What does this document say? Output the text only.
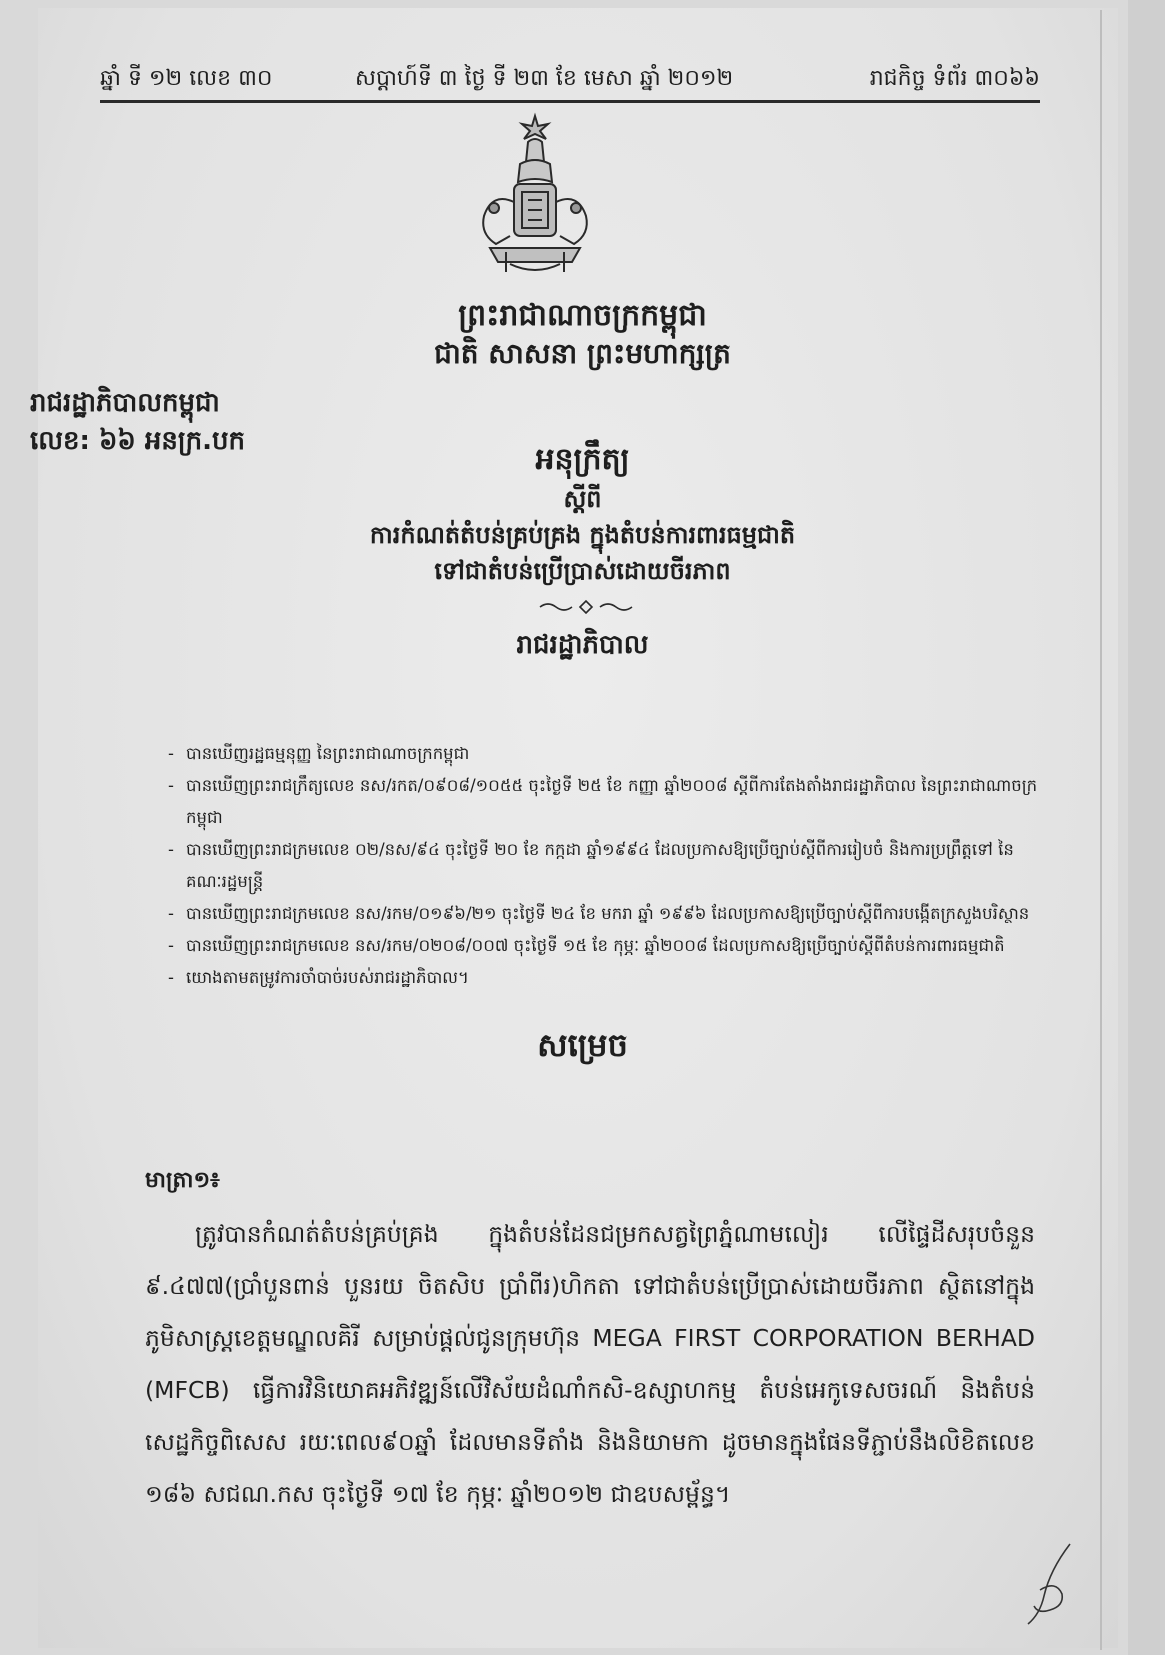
ឆ្នាំ ទី ១២ លេខ ៣០	សប្តាហ៍ទី ៣ ថ្ងៃ ទី ២៣ ខែ មេសា ឆ្នាំ ២០១២	រាជកិច្ច ទំព័រ ៣០៦៦
ព្រះរាជាណាចក្រកម្ពុជា
ជាតិ សាសនា ព្រះមហាក្សត្រ
រាជរដ្ឋាភិបាលកម្ពុជា
លេខ: ៦៦ អនក្រ.បក
អនុក្រឹត្យ
ស្តីពី
ការកំណត់តំបន់គ្រប់គ្រង ក្នុងតំបន់ការពារធម្មជាតិ
ទៅជាតំបន់ប្រើប្រាស់ដោយចីរភាព
រាជរដ្ឋាភិបាល
- បានឃើញរដ្ឋធម្មនុញ្ញ នៃព្រះរាជាណាចក្រកម្ពុជា
- បានឃើញព្រះរាជក្រឹត្យលេខ នស/រកត/០៩០៨/១០៥៥ ចុះថ្ងៃទី ២៥ ខែ កញ្ញា ឆ្នាំ២០០៨ ស្តីពីការតែងតាំងរាជរដ្ឋាភិបាល នៃព្រះរាជាណាចក្រកម្ពុជា
- បានឃើញព្រះរាជក្រមលេខ ០២/នស/៩៤ ចុះថ្ងៃទី ២០ ខែ កក្កដា ឆ្នាំ១៩៩៤ ដែលប្រកាសឱ្យប្រើច្បាប់ស្តីពីការរៀបចំ និងការប្រព្រឹត្តទៅ នៃគណៈរដ្ឋមន្ត្រី
- បានឃើញព្រះរាជក្រមលេខ នស/រកម/០១៩៦/២១ ចុះថ្ងៃទី ២៤ ខែ មករា ឆ្នាំ ១៩៩៦ ដែលប្រកាសឱ្យប្រើច្បាប់ស្តីពីការបង្កើតក្រសួងបរិស្ថាន
- បានឃើញព្រះរាជក្រមលេខ នស/រកម/០២០៨/០០៧ ចុះថ្ងៃទី ១៥ ខែ កុម្ភៈ ឆ្នាំ២០០៨ ដែលប្រកាសឱ្យប្រើច្បាប់ស្តីពីតំបន់ការពារធម្មជាតិ
- យោងតាមតម្រូវការចាំបាច់របស់រាជរដ្ឋាភិបាល។
សម្រេច
មាត្រា១៖
ត្រូវបានកំណត់តំបន់គ្រប់គ្រង ក្នុងតំបន់ដែនជម្រកសត្វព្រៃភ្នំណាមលៀរ លើផ្ទៃដីសរុបចំនួន ៩.៤៧៧(ប្រាំបួនពាន់ បួនរយ ចិតសិប ប្រាំពីរ)ហិកតា ទៅជាតំបន់ប្រើប្រាស់ដោយចីរភាព ស្ថិតនៅក្នុងភូមិសាស្ត្រខេត្តមណ្ឌលគិរី សម្រាប់ផ្តល់ជូនក្រុមហ៊ុន MEGA FIRST CORPORATION BERHAD (MFCB) ធ្វើការវិនិយោគអភិវឌ្ឍន៍លើវិស័យដំណាំកសិ-ឧស្សាហកម្ម តំបន់អេកូទេសចរណ៍ និងតំបន់សេដ្ឋកិច្ចពិសេស រយៈពេល៩០ឆ្នាំ ដែលមានទីតាំង និងនិយាមកា ដូចមានក្នុងផែនទីភ្ជាប់នឹងលិខិតលេខ ១៨៦ សជណ.កស ចុះថ្ងៃទី ១៧ ខែ កុម្ភៈ ឆ្នាំ២០១២ ជាឧបសម្ព័ន្ធ។
